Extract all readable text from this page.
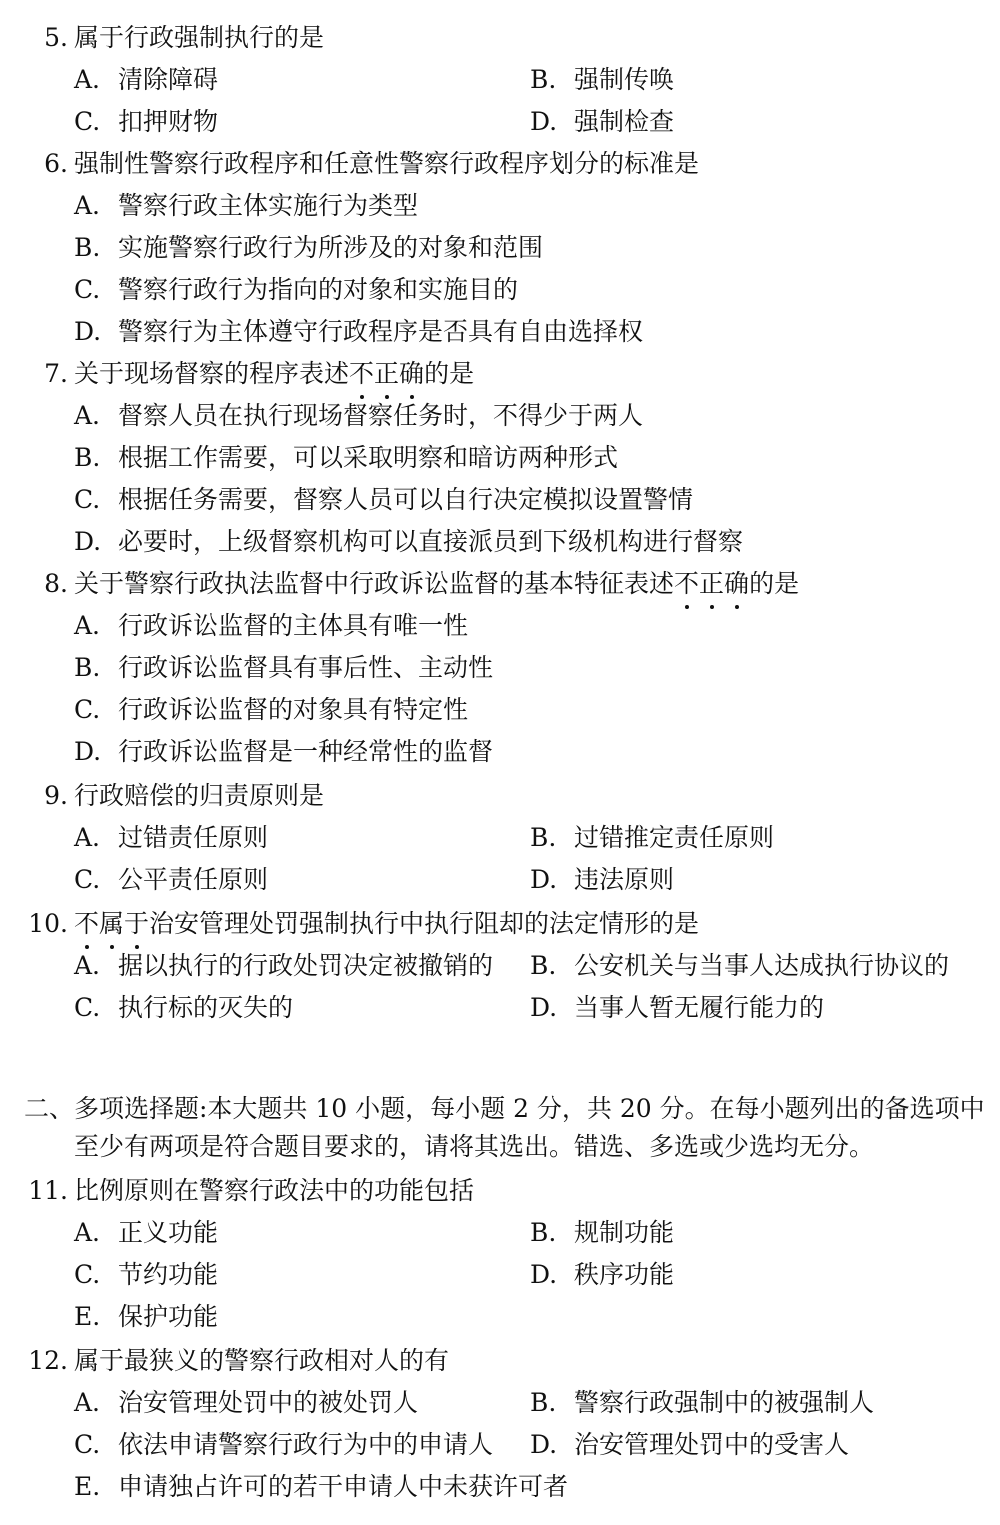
5. 属于行政强制执行的是
A. 清除障碍	B. 强制传唤
C. 扣押财物	D. 强制检查
6. 强制性警察行政程序和任意性警察行政程序划分的标准是
A. 警察行政主体实施行为类型
B. 实施警察行政行为所涉及的对象和范围
C. 警察行政行为指向的对象和实施目的
D. 警察行为主体遵守行政程序是否具有自由选择权
7. 关于现场督察的程序表述不正确的是
A. 督察人员在执行现场督察任务时，不得少于两人
B. 根据工作需要，可以采取明察和暗访两种形式
C. 根据任务需要，督察人员可以自行决定模拟设置警情
D. 必要时，上级督察机构可以直接派员到下级机构进行督察
8. 关于警察行政执法监督中行政诉讼监督的基本特征表述不正确的是
A. 行政诉讼监督的主体具有唯一性
B. 行政诉讼监督具有事后性、主动性
C. 行政诉讼监督的对象具有特定性
D. 行政诉讼监督是一种经常性的监督
9. 行政赔偿的归责原则是
A. 过错责任原则	B. 过错推定责任原则
C. 公平责任原则	D. 违法原则
10. 不属于治安管理处罚强制执行中执行阻却的法定情形的是
A. 据以执行的行政处罚决定被撤销的 B. 公安机关与当事人达成执行协议的
C. 执行标的灭失的	D. 当事人暂无履行能力的
二、多项选择题:本大题共 10 小题，每小题 2 分，共 20 分。在每小题列出的备选项中
至少有两项是符合题目要求的，请将其选出。错选、多选或少选均无分。
11. 比例原则在警察行政法中的功能包括
A. 正义功能	B. 规制功能
C. 节约功能	D. 秩序功能
E. 保护功能
12. 属于最狭义的警察行政相对人的有
A. 治安管理处罚中的被处罚人	B. 警察行政强制中的被强制人
C. 依法申请警察行政行为中的申请人 D. 治安管理处罚中的受害人
E. 申请独占许可的若干申请人中未获许可者
